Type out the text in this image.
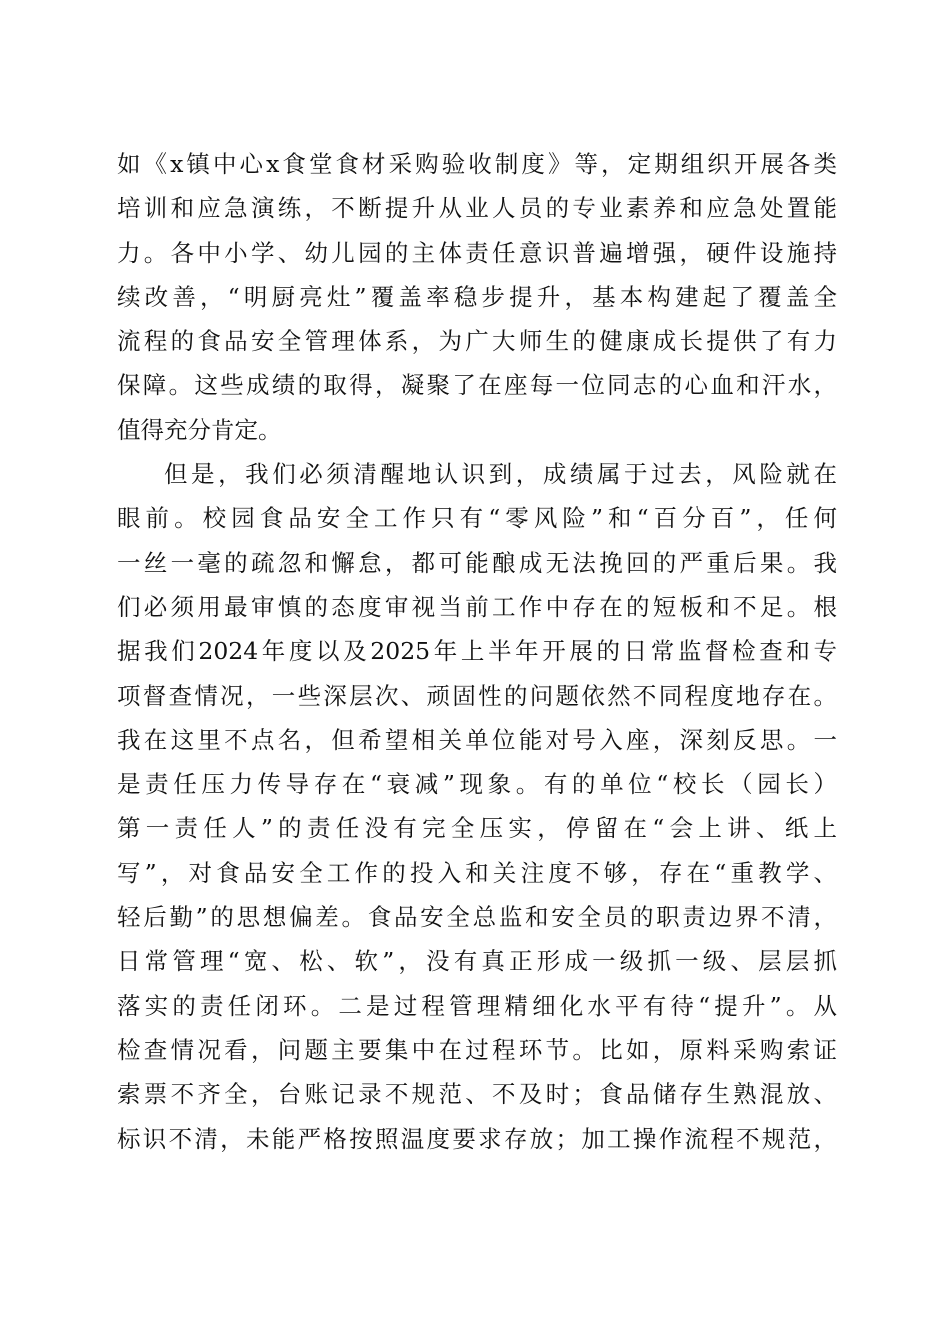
如《x镇中心x食堂食材采购验收制度》等，定期组织开展各类
培训和应急演练，不断提升从业人员的专业素养和应急处置能
力。各中小学、幼儿园的主体责任意识普遍增强，硬件设施持
续改善，“明厨亮灶”覆盖率稳步提升，基本构建起了覆盖全
流程的食品安全管理体系，为广大师生的健康成长提供了有力
保障。这些成绩的取得，凝聚了在座每一位同志的心血和汗水，
值得充分肯定。
但是，我们必须清醒地认识到，成绩属于过去，风险就在
眼前。校园食品安全工作只有“零风险”和“百分百”，任何
一丝一毫的疏忽和懈怠，都可能酿成无法挽回的严重后果。我
们必须用最审慎的态度审视当前工作中存在的短板和不足。根
据我们2024年度以及2025年上半年开展的日常监督检查和专
项督查情况，一些深层次、顽固性的问题依然不同程度地存在。
我在这里不点名，但希望相关单位能对号入座，深刻反思。一
是责任压力传导存在“衰减”现象。有的单位“校长（园长）
第一责任人”的责任没有完全压实，停留在“会上讲、纸上
写”，对食品安全工作的投入和关注度不够，存在“重教学、
轻后勤”的思想偏差。食品安全总监和安全员的职责边界不清，
日常管理“宽、松、软”，没有真正形成一级抓一级、层层抓
落实的责任闭环。二是过程管理精细化水平有待“提升”。从
检查情况看，问题主要集中在过程环节。比如，原料采购索证
索票不齐全，台账记录不规范、不及时；食品储存生熟混放、
标识不清，未能严格按照温度要求存放；加工操作流程不规范，
